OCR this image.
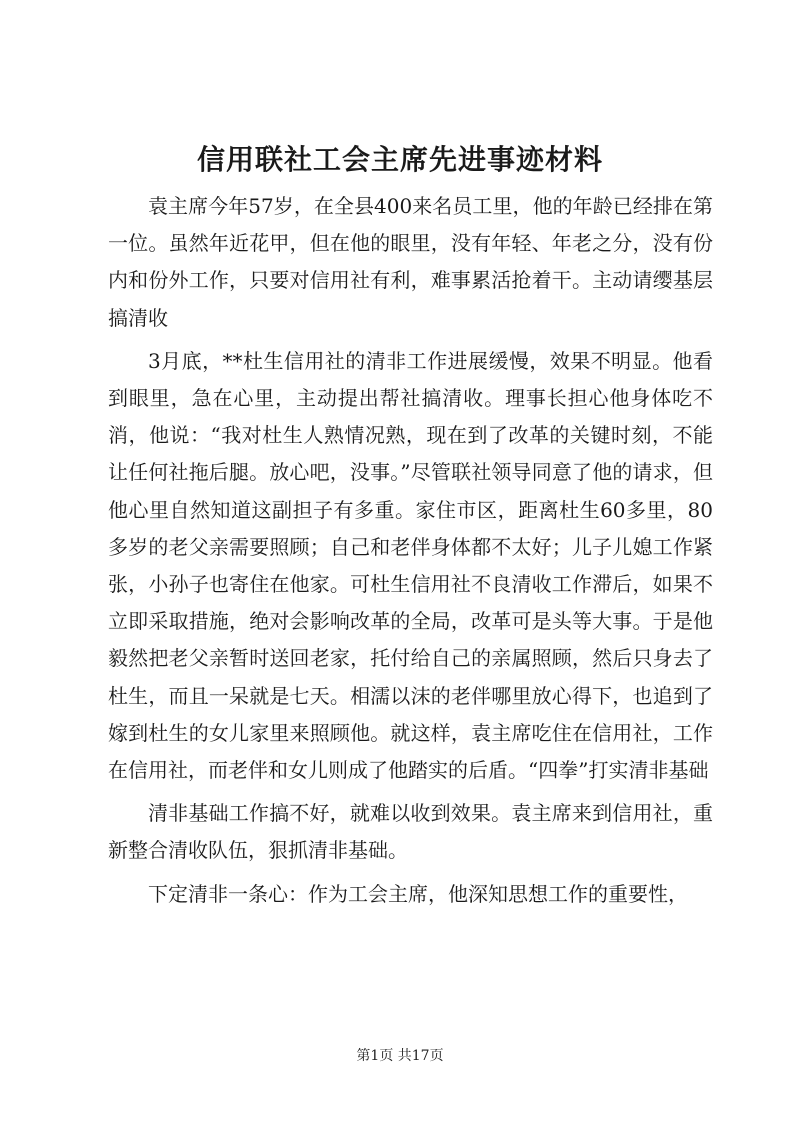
信用联社工会主席先进事迹材料

袁主席今年57岁，在全县400来名员工里，他的年龄已经排在第一位。虽然年近花甲，但在他的眼里，没有年轻、年老之分，没有份内和份外工作，只要对信用社有利，难事累活抢着干。主动请缨基层搞清收

3月底，**杜生信用社的清非工作进展缓慢，效果不明显。他看到眼里，急在心里，主动提出帮社搞清收。理事长担心他身体吃不消，他说：“我对杜生人熟情况熟，现在到了改革的关键时刻，不能让任何社拖后腿。放心吧，没事。”尽管联社领导同意了他的请求，但他心里自然知道这副担子有多重。家住市区，距离杜生60多里，80多岁的老父亲需要照顾；自己和老伴身体都不太好；儿子儿媳工作紧张，小孙子也寄住在他家。可杜生信用社不良清收工作滞后，如果不立即采取措施，绝对会影响改革的全局，改革可是头等大事。于是他毅然把老父亲暂时送回老家，托付给自己的亲属照顾，然后只身去了杜生，而且一呆就是七天。相濡以沫的老伴哪里放心得下，也追到了嫁到杜生的女儿家里来照顾他。就这样，袁主席吃住在信用社，工作在信用社，而老伴和女儿则成了他踏实的后盾。“四拳”打实清非基础

清非基础工作搞不好，就难以收到效果。袁主席来到信用社，重新整合清收队伍，狠抓清非基础。

下定清非一条心：作为工会主席，他深知思想工作的重要性，

第1页 共17页
